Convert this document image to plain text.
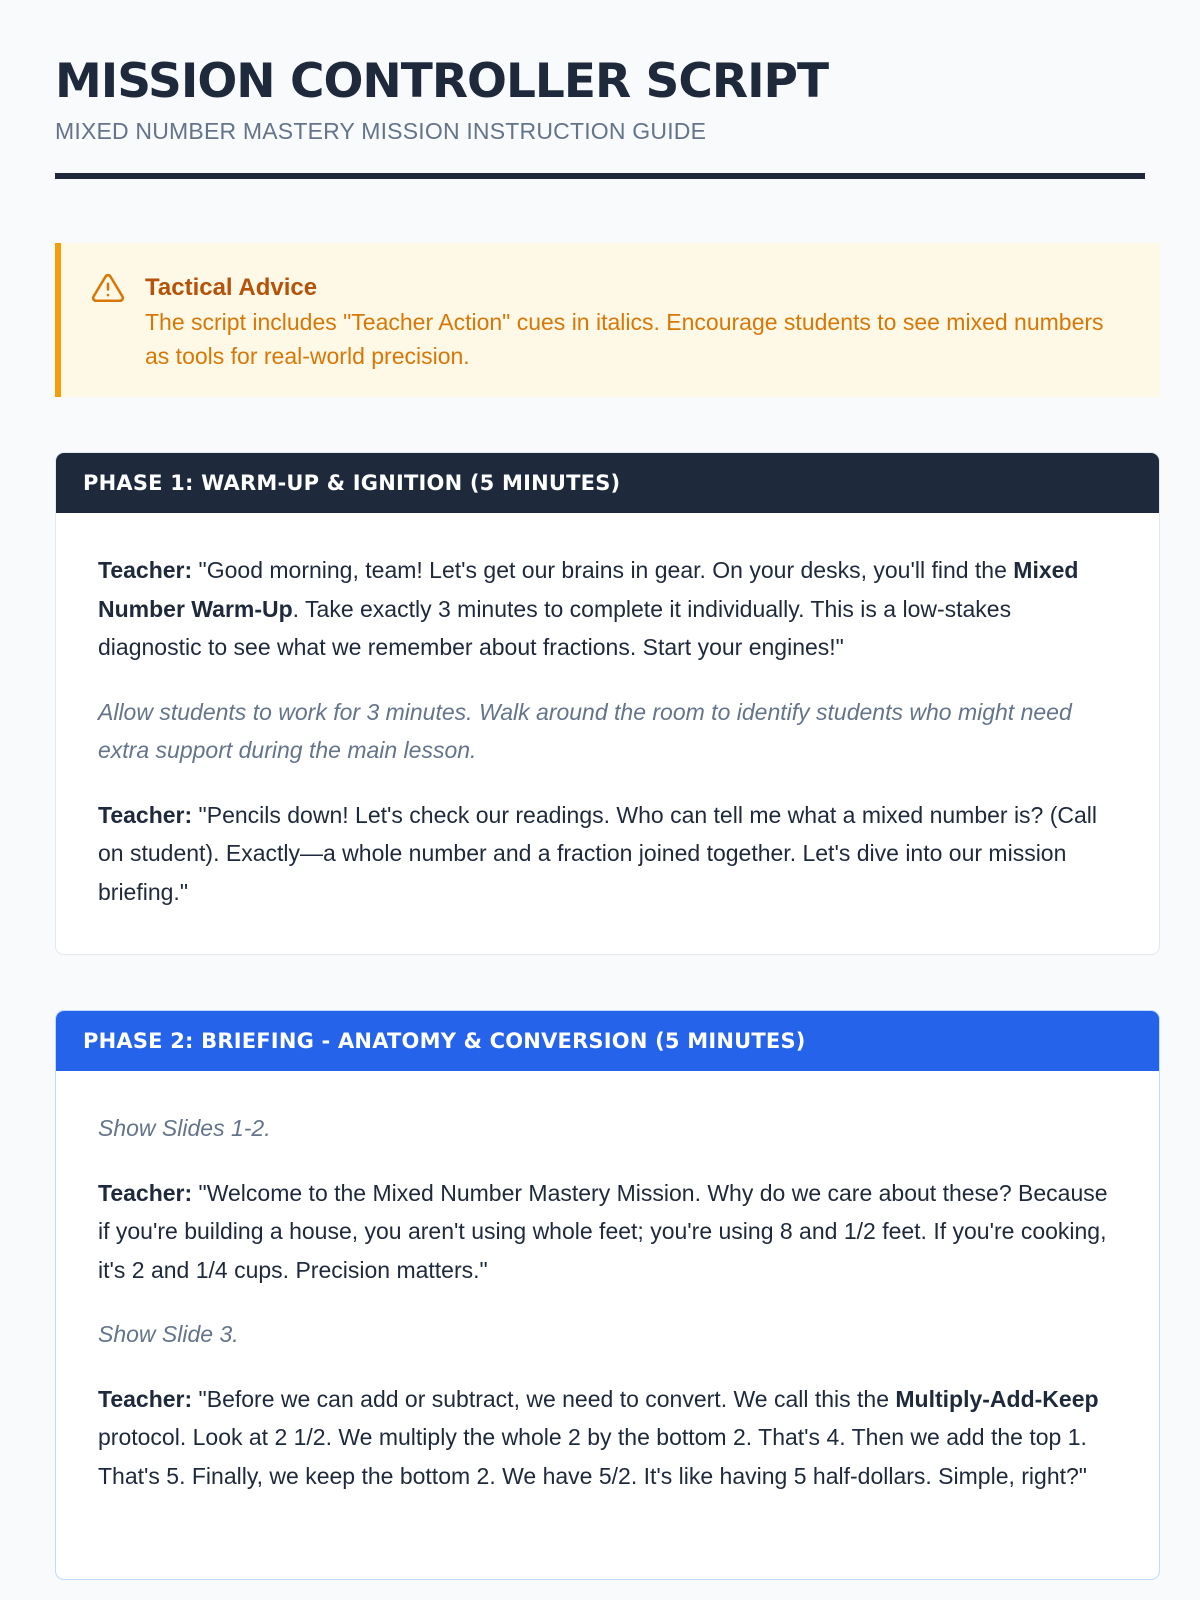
MISSION CONTROLLER SCRIPT
MIXED NUMBER MASTERY MISSION INSTRUCTION GUIDE
Tactical Advice
The script includes "Teacher Action" cues in italics. Encourage students to see mixed numbers as tools for real-world precision.
PHASE 1: WARM-UP & IGNITION (5 MINUTES)

Teacher: "Good morning, team! Let's get our brains in gear. On your desks, you'll find the Mixed Number Warm-Up. Take exactly 3 minutes to complete it individually. This is a low-stakes diagnostic to see what we remember about fractions. Start your engines!"

Allow students to work for 3 minutes. Walk around the room to identify students who might need extra support during the main lesson.

Teacher: "Pencils down! Let's check our readings. Who can tell me what a mixed number is? (Call on student). Exactly—a whole number and a fraction joined together. Let's dive into our mission briefing."

PHASE 2: BRIEFING - ANATOMY & CONVERSION (5 MINUTES)

Show Slides 1-2.

Teacher: "Welcome to the Mixed Number Mastery Mission. Why do we care about these? Because if you're building a house, you aren't using whole feet; you're using 8 and 1/2 feet. If you're cooking, it's 2 and 1/4 cups. Precision matters."

Show Slide 3.

Teacher: "Before we can add or subtract, we need to convert. We call this the Multiply-Add-Keep protocol. Look at 2 1/2. We multiply the whole 2 by the bottom 2. That's 4. Then we add the top 1. That's 5. Finally, we keep the bottom 2. We have 5/2. It's like having 5 half-dollars. Simple, right?"
